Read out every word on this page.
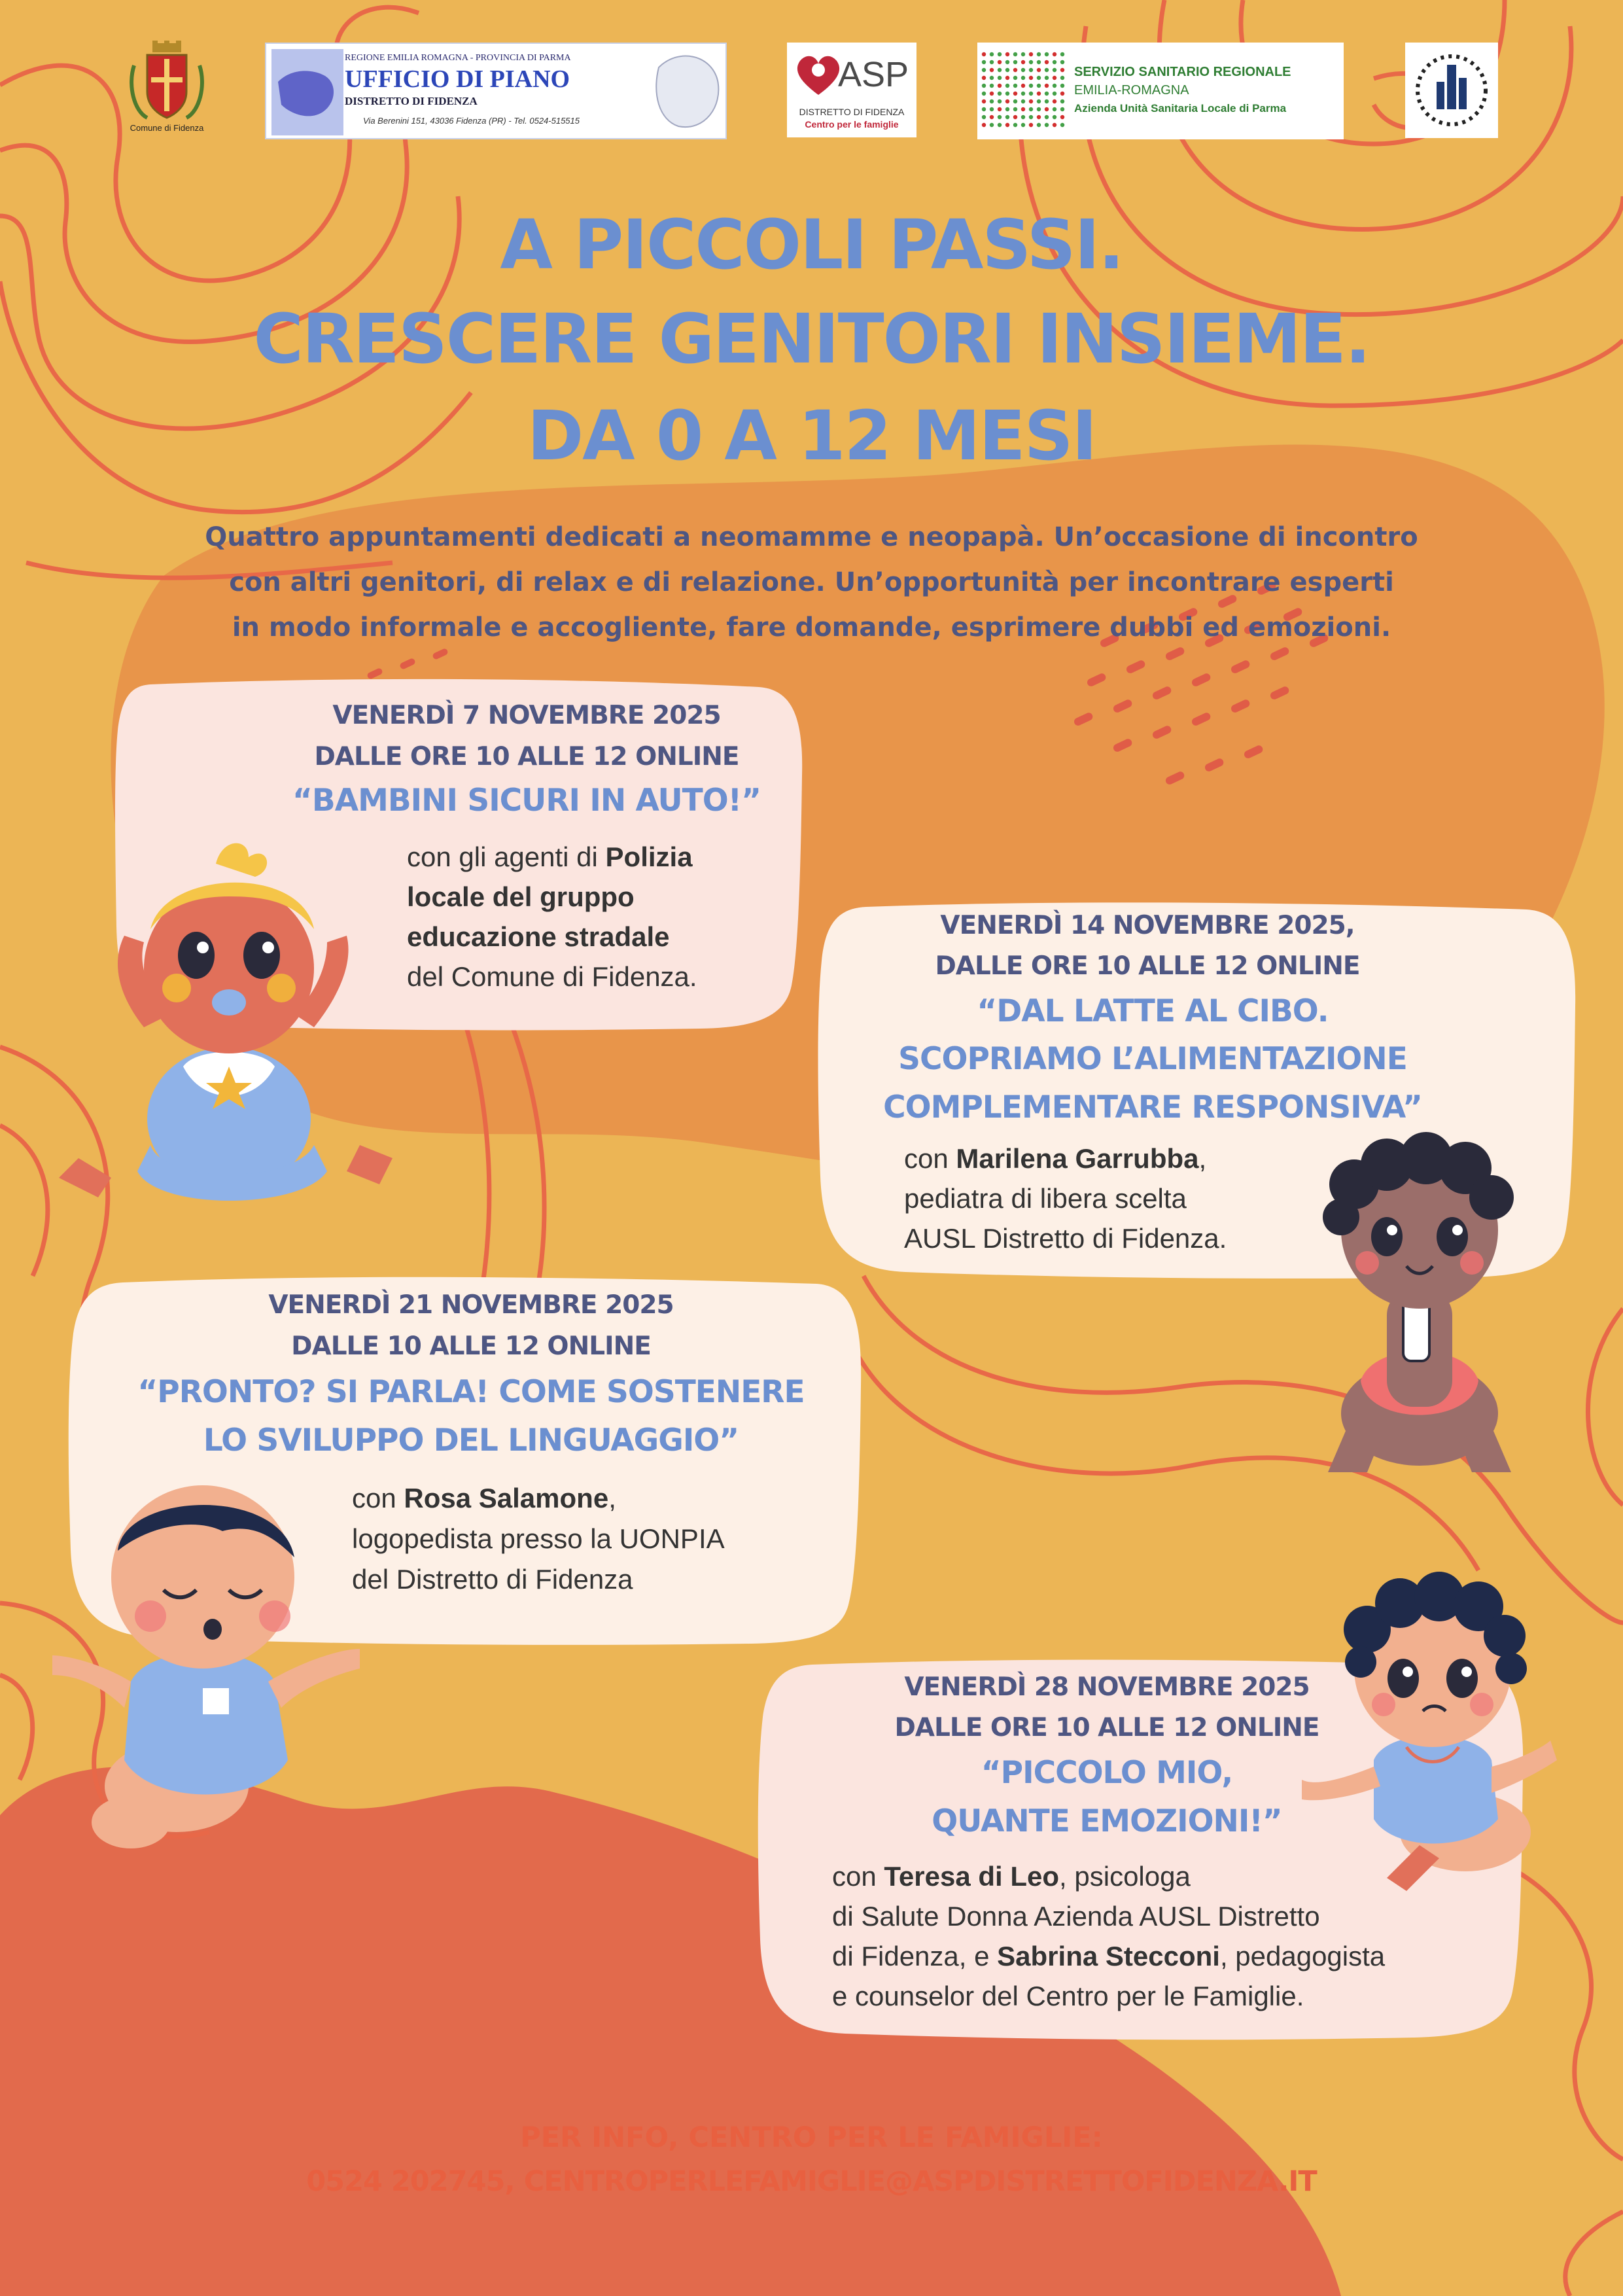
Comune di Fidenza
REGIONE EMILIA ROMAGNA - PROVINCIA DI PARMA
UFFICIO DI PIANO
DISTRETTO DI FIDENZA
Via Berenini 151, 43036 Fidenza (PR) - Tel. 0524-515515
ASP
DISTRETTO DI FIDENZA
Centro per le famiglie
SERVIZIO SANITARIO REGIONALE
EMILIA-ROMAGNA
Azienda Unità Sanitaria Locale di Parma
A PICCOLI PASSI.
CRESCERE GENITORI INSIEME.
DA 0 A 12 MESI
Quattro appuntamenti dedicati a neomamme e neopapà. Un’occasione di incontro
con altri genitori, di relax e di relazione. Un’opportunità per incontrare esperti
in modo informale e accogliente, fare domande, esprimere dubbi ed emozioni.
VENERDÌ 7 NOVEMBRE 2025
DALLE ORE 10 ALLE 12 ONLINE
“BAMBINI SICURI IN AUTO!”
con gli agenti di Polizia
locale del gruppo
educazione stradale
del Comune di Fidenza.
VENERDÌ 14 NOVEMBRE 2025,
DALLE ORE 10 ALLE 12 ONLINE
“DAL LATTE AL CIBO.
SCOPRIAMO L’ALIMENTAZIONE
COMPLEMENTARE RESPONSIVA”
con Marilena Garrubba,
pediatra di libera scelta
AUSL Distretto di Fidenza.
VENERDÌ 21 NOVEMBRE 2025
DALLE 10 ALLE 12 ONLINE
“PRONTO? SI PARLA! COME SOSTENERE
LO SVILUPPO DEL LINGUAGGIO”
con Rosa Salamone,
logopedista presso la UONPIA
del Distretto di Fidenza
VENERDÌ 28 NOVEMBRE 2025
DALLE ORE 10 ALLE 12 ONLINE
“PICCOLO MIO,
QUANTE EMOZIONI!”
con Teresa di Leo, psicologa
di Salute Donna Azienda AUSL Distretto
di Fidenza, e Sabrina Stecconi, pedagogista
e counselor del Centro per le Famiglie.
PER INFO, CENTRO PER LE FAMIGLIE:
0524 202745, CENTROPERLEFAMIGLIE@ASPDISTRETTOFIDENZA.IT
